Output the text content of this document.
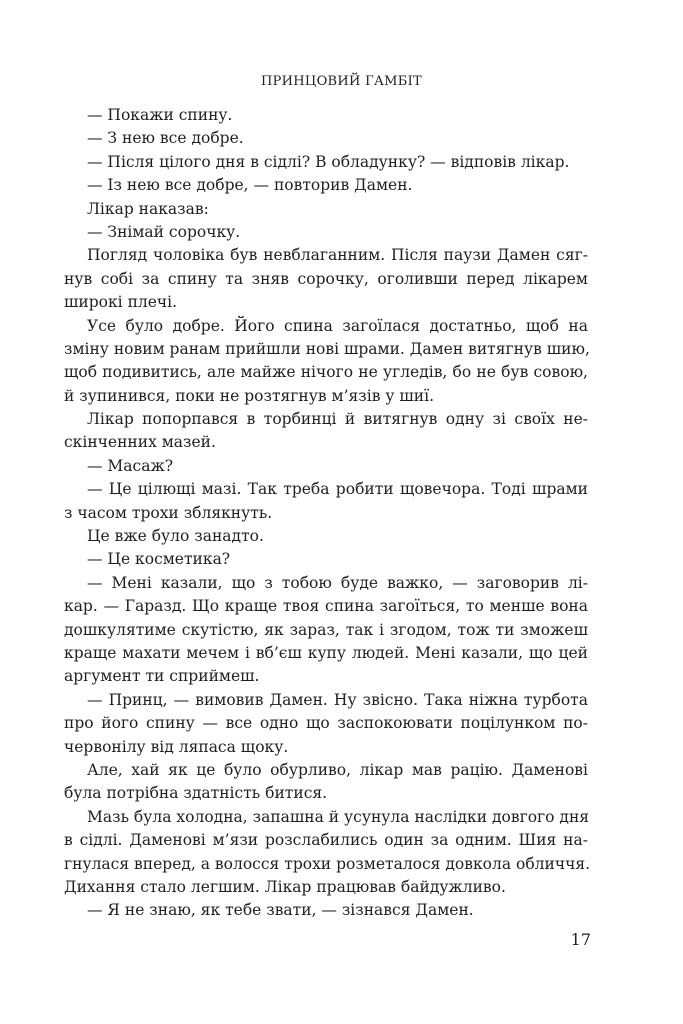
ПРИНЦОВИЙ ГАМБІТ
— Покажи спину.
— З нею все добре.
— Після цілого дня в сідлі? В обладунку? — відповів лікар.
— Із нею все добре, — повторив Дамен.
Лікар наказав:
— Знімай сорочку.
Погляд чоловіка був невблаганним. Після паузи Дамен сяг-
нув собі за спину та зняв сорочку, оголивши перед лікарем
широкі плечі.
Усе було добре. Його спина загоїлася достатньо, щоб на
зміну новим ранам прийшли нові шрами. Дамен витягнув шию,
щоб подивитись, але майже нічого не угледів, бо не був совою,
й зупинився, поки не розтягнув м’язів у шиї.
Лікар попорпався в торбинці й витягнув одну зі своїх не-
скінченних мазей.
— Масаж?
— Це цілющі мазі. Так треба робити щовечора. Тоді шрами
з часом трохи зблякнуть.
Це вже було занадто.
— Це косметика?
— Мені казали, що з тобою буде важко, — заговорив лі-
кар. — Гаразд. Що краще твоя спина загоїться, то менше вона
дошкулятиме скутістю, як зараз, так і згодом, тож ти зможеш
краще махати мечем і вб’єш купу людей. Мені казали, що цей
аргумент ти сприймеш.
— Принц, — вимовив Дамен. Ну звісно. Така ніжна турбота
про його спину — все одно що заспокоювати поцілунком по-
червонілу від ляпаса щоку.
Але, хай як це було обурливо, лікар мав рацію. Даменові
була потрібна здатність битися.
Мазь була холодна, запашна й усунула наслідки довгого дня
в сідлі. Даменові м’язи розслабились один за одним. Шия на-
гнулася вперед, а волосся трохи розметалося довкола обличчя.
Дихання стало легшим. Лікар працював байдужливо.
— Я не знаю, як тебе звати, — зізнався Дамен.
17
